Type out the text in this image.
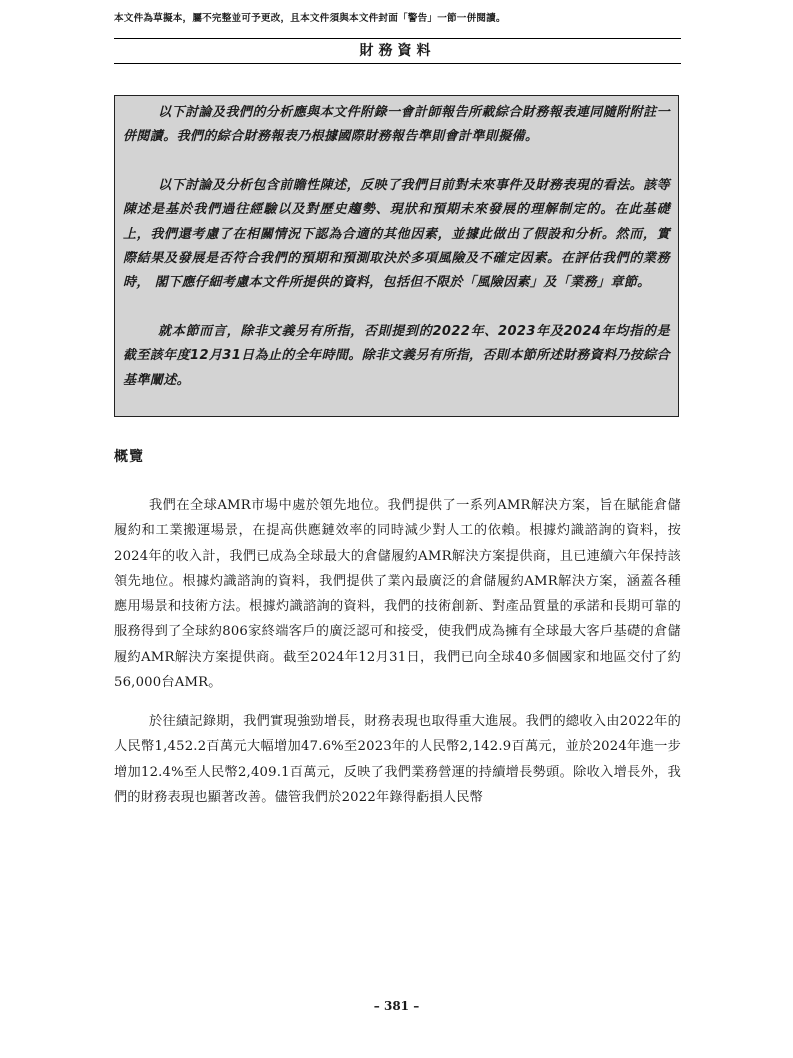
本文件為草擬本，屬不完整並可予更改，且本文件須與本文件封面「警告」一節一併閱讀。
財務資料

以下討論及我們的分析應與本文件附錄一會計師報告所載綜合財務報表連同隨附附註一併閱讀。我們的綜合財務報表乃根據國際財務報告準則會計準則擬備。

以下討論及分析包含前瞻性陳述，反映了我們目前對未來事件及財務表現的看法。該等陳述是基於我們過往經驗以及對歷史趨勢、現狀和預期未來發展的理解制定的。在此基礎上，我們還考慮了在相關情況下認為合適的其他因素，並據此做出了假設和分析。然而，實際結果及發展是否符合我們的預期和預測取決於多項風險及不確定因素。在評估我們的業務時， 閣下應仔細考慮本文件所提供的資料，包括但不限於「風險因素」及「業務」章節。

就本節而言，除非文義另有所指，否則提到的2022年、2023年及2024年均指的是截至該年度12月31日為止的全年時間。除非文義另有所指，否則本節所述財務資料乃按綜合基準闡述。

概覽

我們在全球AMR市場中處於領先地位。我們提供了一系列AMR解決方案，旨在賦能倉儲履約和工業搬運場景，在提高供應鏈效率的同時減少對人工的依賴。根據灼識諮詢的資料，按2024年的收入計，我們已成為全球最大的倉儲履約AMR解決方案提供商，且已連續六年保持該領先地位。根據灼識諮詢的資料，我們提供了業內最廣泛的倉儲履約AMR解決方案，涵蓋各種應用場景和技術方法。根據灼識諮詢的資料，我們的技術創新、對產品質量的承諾和長期可靠的服務得到了全球約806家終端客戶的廣泛認可和接受，使我們成為擁有全球最大客戶基礎的倉儲履約AMR解決方案提供商。截至2024年12月31日，我們已向全球40多個國家和地區交付了約56,000台AMR。

於往績記錄期，我們實現強勁增長，財務表現也取得重大進展。我們的總收入由2022年的人民幣1,452.2百萬元大幅增加47.6%至2023年的人民幣2,142.9百萬元，並於2024年進一步增加12.4%至人民幣2,409.1百萬元，反映了我們業務營運的持續增長勢頭。除收入增長外，我們的財務表現也顯著改善。儘管我們於2022年錄得虧損人民幣

– 381 –
